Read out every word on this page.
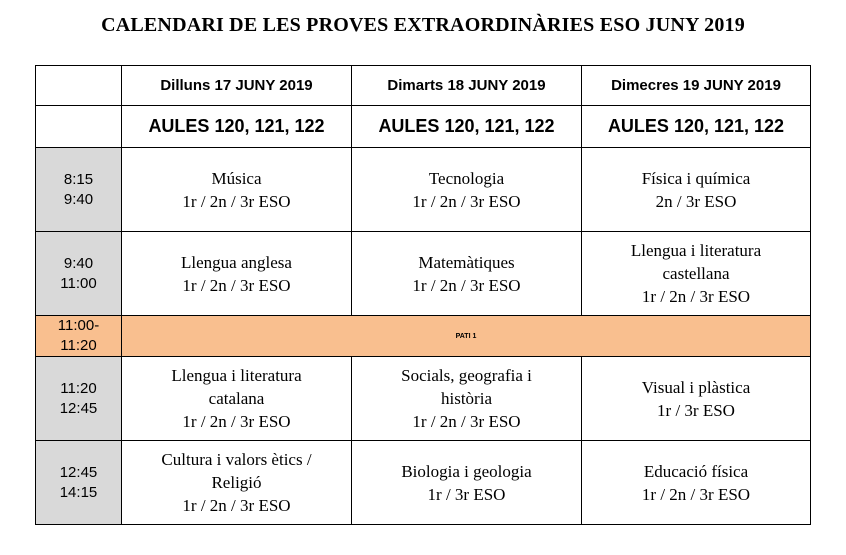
CALENDARI DE LES PROVES EXTRAORDINÀRIES ESO JUNY 2019
	Dilluns 17 JUNY 2019	Dimarts 18 JUNY 2019	Dimecres 19 JUNY 2019
	AULES 120, 121, 122	AULES 120, 121, 122	AULES 120, 121, 122

8:15
9:40	Música
1r / 2n / 3r ESO	Tecnologia
1r / 2n / 3r ESO	Física i química
2n / 3r ESO

9:40
11:00	Llengua anglesa
1r / 2n / 3r ESO	Matemàtiques
1r / 2n / 3r ESO	Llengua i literatura
castellana
1r / 2n / 3r ESO

11:00-
11:20	PATI 1		

11:20
12:45	Llengua i literatura
catalana
1r / 2n / 3r ESO	Socials, geografia i
història
1r / 2n / 3r ESO	Visual i plàstica
1r / 3r ESO

12:45
14:15	Cultura i valors ètics /
Religió
1r / 2n / 3r ESO	Biologia i geologia
1r / 3r ESO	Educació física
1r / 2n / 3r ESO
